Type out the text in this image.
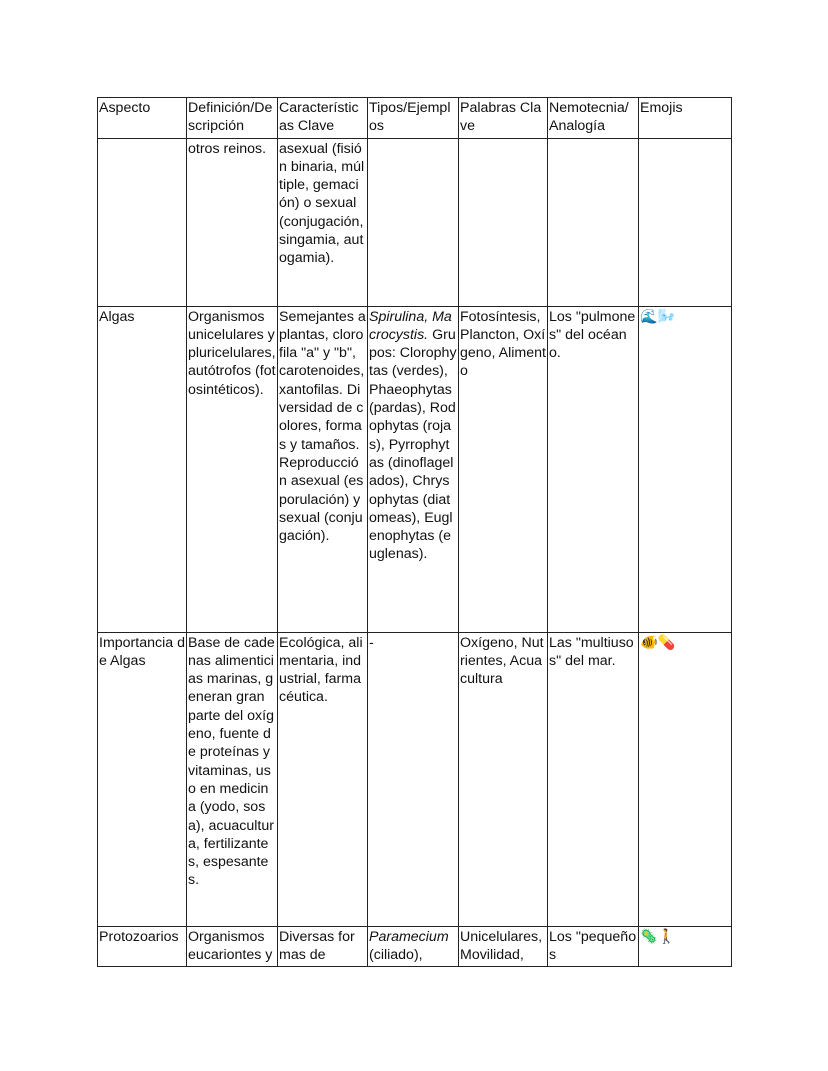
Aspecto	Definición/Descripción	Características Clave	Tipos/Ejemplos	Palabras Clave	Nemotecnia/Analogía	Emojis
	otros reinos.	asexual (fisión binaria, múltiple, gemación) o sexual (conjugación, singamia, autogamia).				
Algas	Organismos unicelulares y pluricelulares, autótrofos (fotosintéticos).	Semejantes a plantas, clorofila "a" y "b", carotenoides, xantofilas. Diversidad de colores, formas y tamaños. Reproducción asexual (esporulación) y sexual (conjugación).	Spirulina, Macrocystis. Grupos: Clorophytas (verdes), Phaeophytas (pardas), Rodophytas (rojas), Pyrrophytas (dinoflagelados), Chrysophytas (diatomeas), Euglenophytas (euglenas).	Fotosíntesis, Plancton, Oxígeno, Alimento	Los "pulmones" del océano.	🌊🌬️
Importancia de Algas	Base de cadenas alimenticias marinas, generan gran parte del oxígeno, fuente de proteínas y vitaminas, uso en medicina (yodo, sosa), acuacultura, fertilizantes, espesantes.	Ecológica, alimentaria, industrial, farmacéutica.	-	Oxígeno, Nutrientes, Acuacultura	Las "multiusos" del mar.	🐠💊
Protozoarios	Organismos eucariontes y	Diversas formas de	Paramecium (ciliado),	Unicelulares, Movilidad,	Los "pequeños	🦠🚶
